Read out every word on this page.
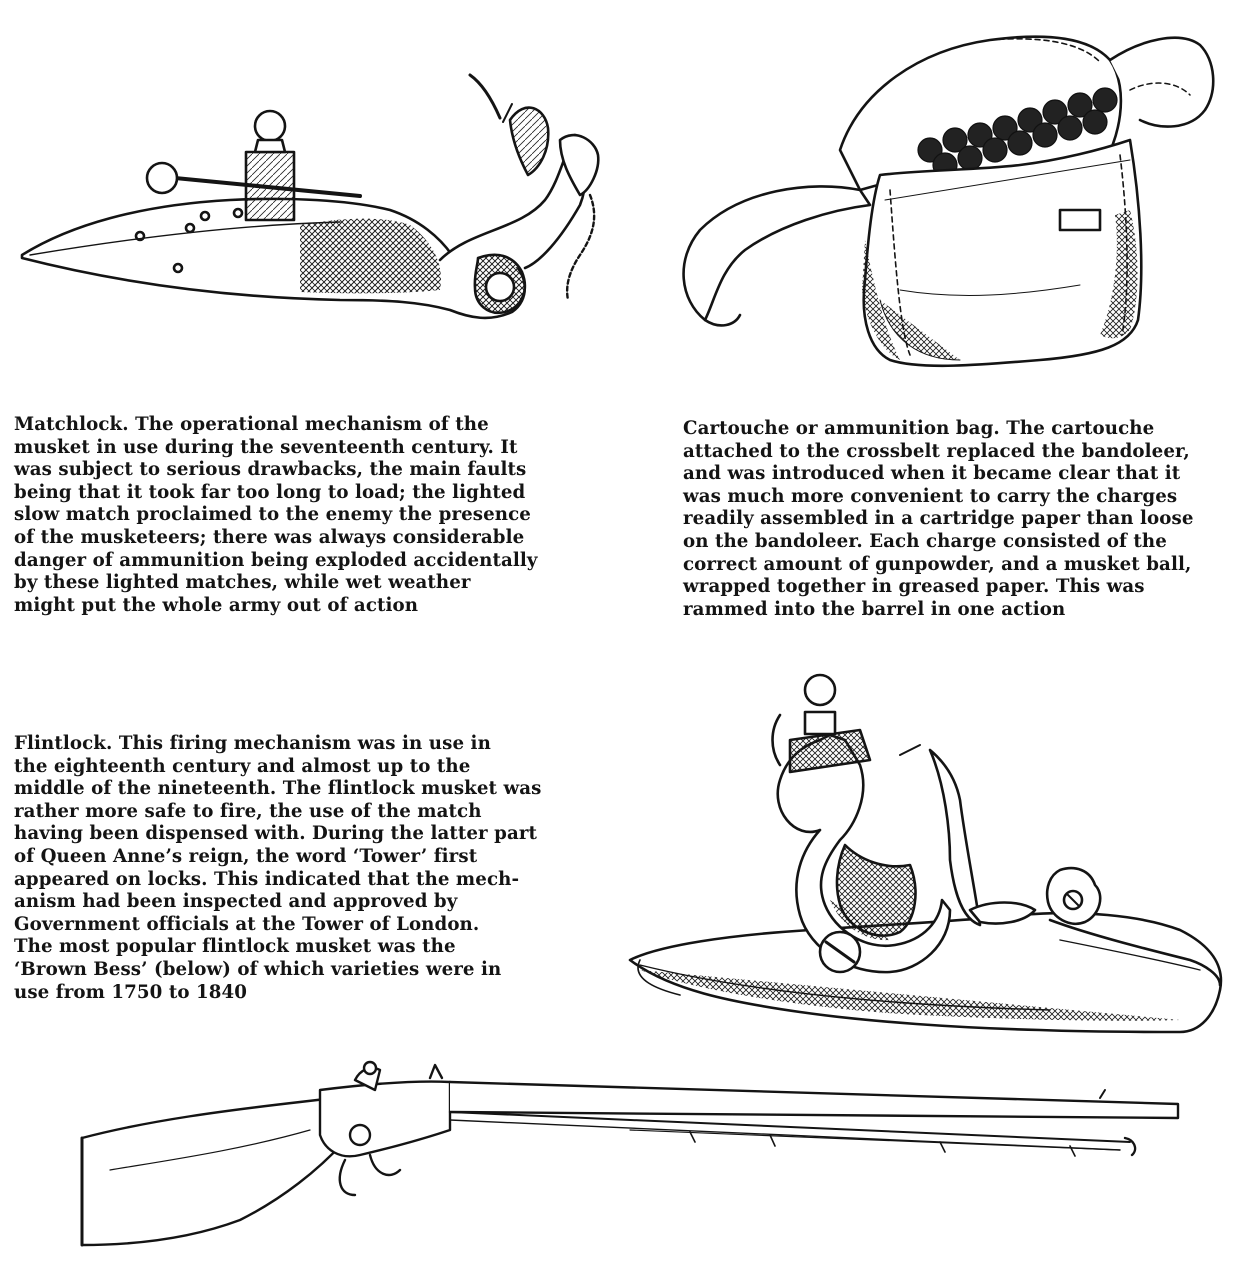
Matchlock. The operational mechanism of the
musket in use during the seventeenth century. It
was subject to serious drawbacks, the main faults
being that it took far too long to load; the lighted
slow match proclaimed to the enemy the presence
of the musketeers; there was always considerable
danger of ammunition being exploded accidentally
by these lighted matches, while wet weather
might put the whole army out of action

Cartouche or ammunition bag. The cartouche
attached to the crossbelt replaced the bandoleer,
and was introduced when it became clear that it
was much more convenient to carry the charges
readily assembled in a cartridge paper than loose
on the bandoleer. Each charge consisted of the
correct amount of gunpowder, and a musket ball,
wrapped together in greased paper. This was
rammed into the barrel in one action

Flintlock. This firing mechanism was in use in
the eighteenth century and almost up to the
middle of the nineteenth. The flintlock musket was
rather more safe to fire, the use of the match
having been dispensed with. During the latter part
of Queen Anne’s reign, the word ‘Tower’ first
appeared on locks. This indicated that the mech-
anism had been inspected and approved by
Government officials at the Tower of London.
The most popular flintlock musket was the
‘Brown Bess’ (below) of which varieties were in
use from 1750 to 1840
